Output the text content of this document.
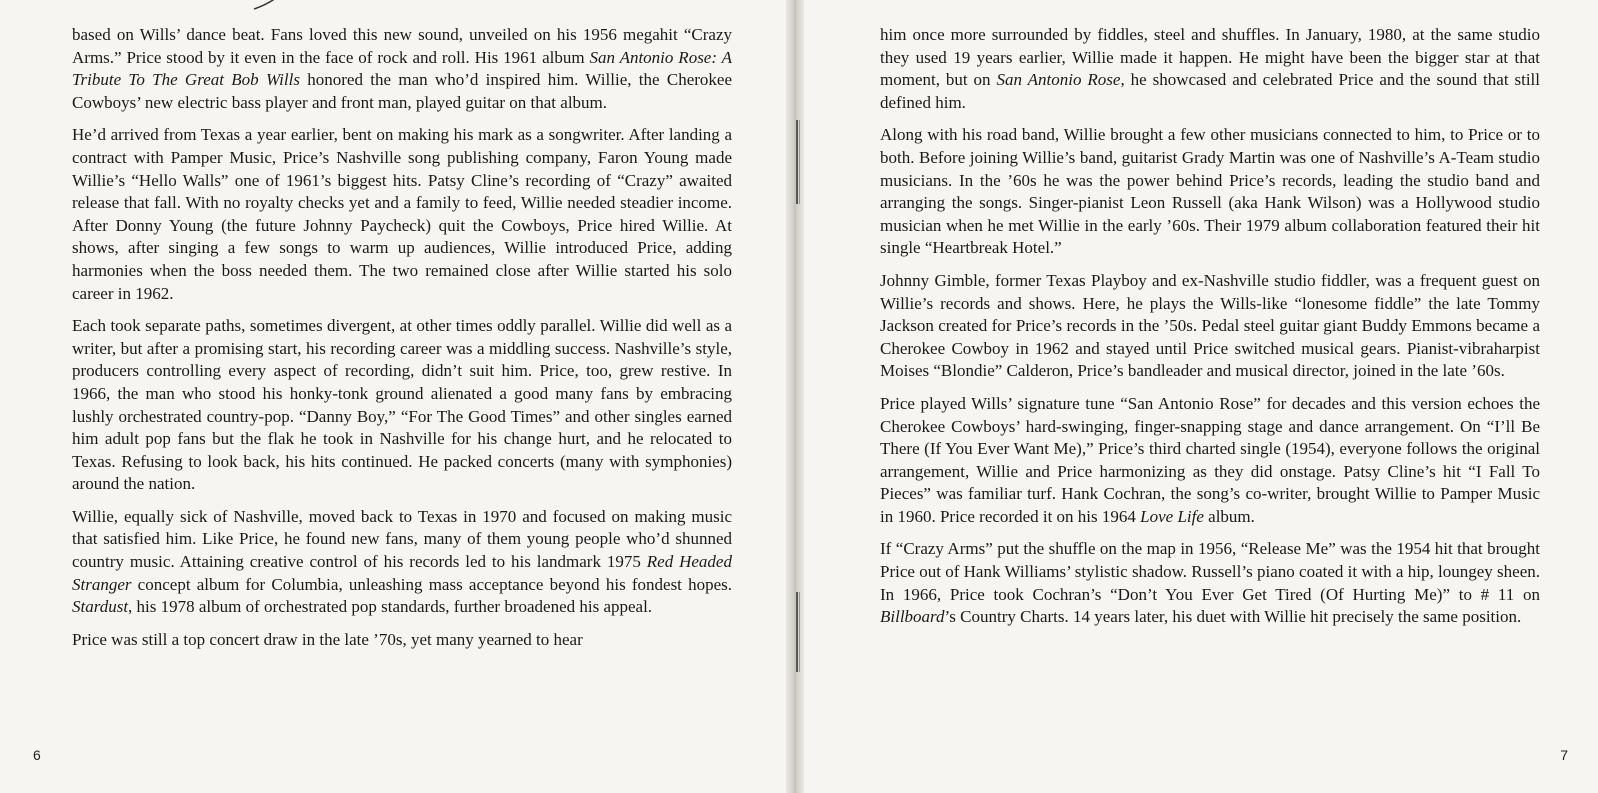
based on Wills’ dance beat. Fans loved this new sound, unveiled on his 1956 megahit “Crazy Arms.” Price stood by it even in the face of rock and roll. His 1961 album San Antonio Rose: A Tribute To The Great Bob Wills honored the man who’d inspired him. Willie, the Cherokee Cowboys’ new electric bass player and front man, played guitar on that album.

He’d arrived from Texas a year earlier, bent on making his mark as a songwriter. After landing a contract with Pamper Music, Price’s Nashville song publishing company, Faron Young made Willie’s “Hello Walls” one of 1961’s biggest hits. Patsy Cline’s recording of “Crazy” awaited release that fall. With no royalty checks yet and a family to feed, Willie needed steadier income. After Donny Young (the future Johnny Paycheck) quit the Cowboys, Price hired Willie. At shows, after singing a few songs to warm up audiences, Willie introduced Price, adding harmonies when the boss needed them. The two remained close after Willie started his solo career in 1962.

Each took separate paths, sometimes divergent, at other times oddly parallel. Willie did well as a writer, but after a promising start, his recording career was a middling success. Nashville’s style, producers controlling every aspect of recording, didn’t suit him. Price, too, grew restive. In 1966, the man who stood his honky-tonk ground alienated a good many fans by embracing lushly orchestrated country-pop. “Danny Boy,” “For The Good Times” and other singles earned him adult pop fans but the flak he took in Nashville for his change hurt, and he relocated to Texas. Refusing to look back, his hits continued. He packed concerts (many with symphonies) around the nation.

Willie, equally sick of Nashville, moved back to Texas in 1970 and focused on making music that satisfied him. Like Price, he found new fans, many of them young people who’d shunned country music. Attaining creative control of his records led to his landmark 1975 Red Headed Stranger concept album for Columbia, unleashing mass acceptance beyond his fondest hopes. Stardust, his 1978 album of orchestrated pop standards, further broadened his appeal.

Price was still a top concert draw in the late ’70s, yet many yearned to hear

6

him once more surrounded by fiddles, steel and shuffles. In January, 1980, at the same studio they used 19 years earlier, Willie made it happen. He might have been the bigger star at that moment, but on San Antonio Rose, he showcased and celebrated Price and the sound that still defined him.

Along with his road band, Willie brought a few other musicians connected to him, to Price or to both. Before joining Willie’s band, guitarist Grady Martin was one of Nashville’s A-Team studio musicians. In the ’60s he was the power behind Price’s records, leading the studio band and arranging the songs. Singer-pianist Leon Russell (aka Hank Wilson) was a Hollywood studio musician when he met Willie in the early ’60s. Their 1979 album collaboration featured their hit single “Heartbreak Hotel.”

Johnny Gimble, former Texas Playboy and ex-Nashville studio fiddler, was a frequent guest on Willie’s records and shows. Here, he plays the Wills-like “lonesome fiddle” the late Tommy Jackson created for Price’s records in the ’50s. Pedal steel guitar giant Buddy Emmons became a Cherokee Cowboy in 1962 and stayed until Price switched musical gears. Pianist-vibraharpist Moises “Blondie” Calderon, Price’s bandleader and musical director, joined in the late ’60s.

Price played Wills’ signature tune “San Antonio Rose” for decades and this version echoes the Cherokee Cowboys’ hard-swinging, finger-snapping stage and dance arrangement. On “I’ll Be There (If You Ever Want Me),” Price’s third charted single (1954), everyone follows the original arrangement, Willie and Price harmonizing as they did onstage. Patsy Cline’s hit “I Fall To Pieces” was familiar turf. Hank Cochran, the song’s co-writer, brought Willie to Pamper Music in 1960. Price recorded it on his 1964 Love Life album.

If “Crazy Arms” put the shuffle on the map in 1956, “Release Me” was the 1954 hit that brought Price out of Hank Williams’ stylistic shadow. Russell’s piano coated it with a hip, loungey sheen. In 1966, Price took Cochran’s “Don’t You Ever Get Tired (Of Hurting Me)” to # 11 on Billboard’s Country Charts. 14 years later, his duet with Willie hit precisely the same position.

7
